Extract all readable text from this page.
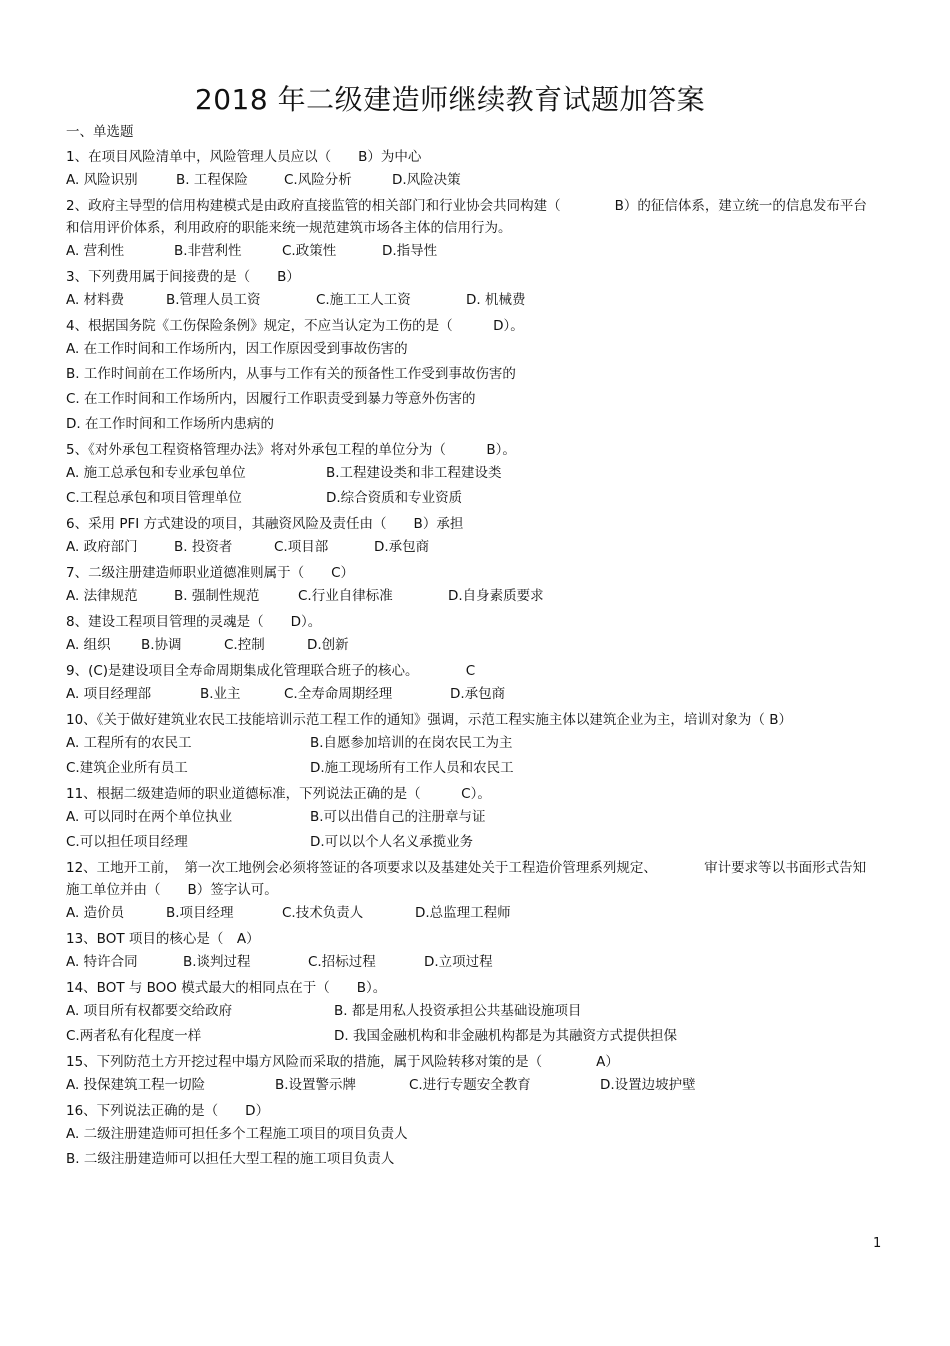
2018 年二级建造师继续教育试题加答案
一、单选题
1、在项目风险清单中，风险管理人员应以（　　B）为中心
A. 风险识别	B. 工程保险	C.风险分析	D.风险决策
2、政府主导型的信用构建模式是由政府直接监管的相关部门和行业协会共同构建（　　　　B）的征信体系，建立统一的信息发布平台和信用评价体系，利用政府的职能来统一规范建筑市场各主体的信用行为。
A. 营利性	B.非营利性	C.政策性	D.指导性
3、下列费用属于间接费的是（　　B）
A. 材料费	B.管理人员工资	C.施工工人工资	D. 机械费
4、根据国务院《工伤保险条例》规定，不应当认定为工伤的是（　　　D）。
A. 在工作时间和工作场所内，因工作原因受到事故伤害的
B. 工作时间前在工作场所内，从事与工作有关的预备性工作受到事故伤害的
C. 在工作时间和工作场所内，因履行工作职责受到暴力等意外伤害的
D. 在工作时间和工作场所内患病的
5、《对外承包工程资格管理办法》将对外承包工程的单位分为（　　　B）。
A. 施工总承包和专业承包单位	B.工程建设类和非工程建设类
C.工程总承包和项目管理单位	D.综合资质和专业资质
6、采用 PFI 方式建设的项目，其融资风险及责任由（　　B）承担
A. 政府部门	B. 投资者	C.项目部	D.承包商
7、二级注册建造师职业道德准则属于（　　C）
A. 法律规范	B. 强制性规范	C.行业自律标准	D.自身素质要求
8、建设工程项目管理的灵魂是（　　D）。
A. 组织	B.协调	C.控制	D.创新
9、(C)是建设项目全寿命周期集成化管理联合班子的核心。　　　　C
A. 项目经理部	B.业主	C.全寿命周期经理	D.承包商
10、《关于做好建筑业农民工技能培训示范工程工作的通知》强调，示范工程实施主体以建筑企业为主，培训对象为（ B）
A. 工程所有的农民工	B.自愿参加培训的在岗农民工为主
C.建筑企业所有员工	D.施工现场所有工作人员和农民工
11、根据二级建造师的职业道德标准，下列说法正确的是（　　　C）。
A. 可以同时在两个单位执业	B.可以出借自己的注册章与证
C.可以担任项目经理	D.可以以个人名义承揽业务
12、工地开工前，　第一次工地例会必须将签证的各项要求以及基建处关于工程造价管理系列规定、　　　　审计要求等以书面形式告知施工单位并由（　　B）签字认可。
A. 造价员	B.项目经理	C.技术负责人	D.总监理工程师
13、BOT 项目的核心是（　A）
A. 特许合同	B.谈判过程	C.招标过程	D.立项过程
14、BOT 与 BOO 模式最大的相同点在于（　　B）。
A. 项目所有权都要交给政府	B. 都是用私人投资承担公共基础设施项目
C.两者私有化程度一样	D. 我国金融机构和非金融机构都是为其融资方式提供担保
15、下列防范土方开挖过程中塌方风险而采取的措施，属于风险转移对策的是（　　　　A）
A. 投保建筑工程一切险	B.设置警示牌	C.进行专题安全教育	D.设置边坡护壁
16、下列说法正确的是（　　D）
A. 二级注册建造师可担任多个工程施工项目的项目负责人
B. 二级注册建造师可以担任大型工程的施工项目负责人
1
